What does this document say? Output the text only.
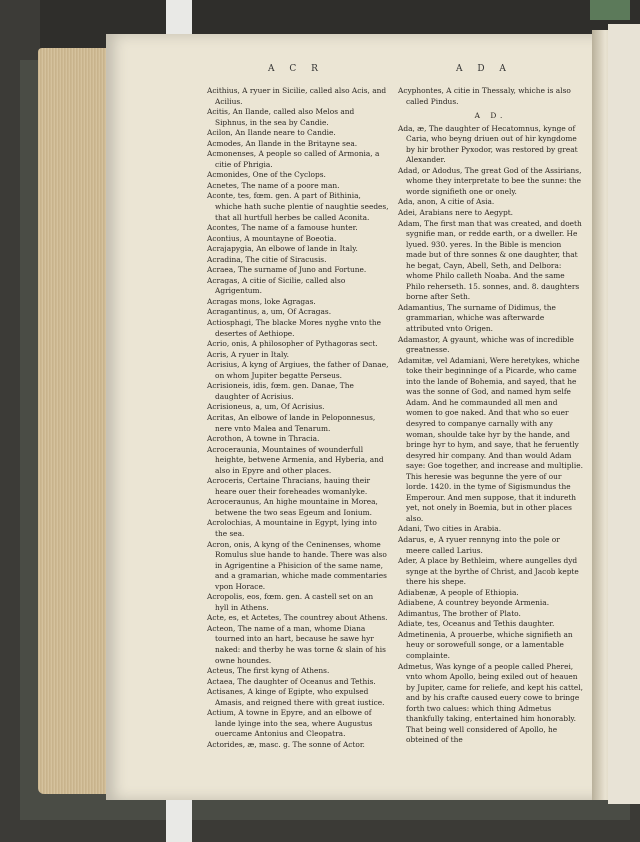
A C R	A D A
Acithius, A ryuer in Sicilie, called also Acis, and Acilius.
Acitis, An Ilande, called also Melos and Siphnus, in the sea by Candie.
Acilon, An Ilande neare to Candie.
Acmodes, An Ilande in the Britayne sea.
Acmonenses, A people so called of Armonia, a citie of Phrigia.
Acmonides, One of the Cyclops.
Acnetes, The name of a poore man.
Aconte, tes, fœm. gen. A part of Bithinia, whiche hath suche plentie of naughtie seedes, that all hurtfull herbes be called Aconita.
Acontes, The name of a famouse hunter.
Acontius, A mountayne of Boeotia.
Acrajapygia, An elbowe of lande in Italy.
Acradina, The citie of Siracusis.
Acraea, The surname of Juno and Fortune.
Acragas, A citie of Sicilie, called also Agrigentum.
Acragas mons, loke Agragas.
Acragantinus, a, um, Of Acragas.
Actiosphagi, The blacke Mores nyghe vnto the desertes of Aethiope.
Acrio, onis, A philosopher of Pythagoras sect.
Acris, A ryuer in Italy.
Acrisius, A kyng of Argiues, the father of Danae, on whom Jupiter begatte Perseus.
Acrisioneis, idis, fœm. gen. Danae, The daughter of Acrisius.
Acrisioneus, a, um, Of Acrisius.
Acritas, An elbowe of lande in Peloponnesus, nere vnto Malea and Tenarum.
Acrothon, A towne in Thracia.
Acroceraunia, Mountaines of wounderfull heighte, betwene Armenia, and Hyberia, and also in Epyre and other places.
Acroceris, Certaine Thracians, hauing their heare ouer their foreheades womanlyke.
Acroceraunus, An highe mountaine in Morea, betwene the two seas Egeum and Ionium.
Acrolochias, A mountaine in Egypt, lying into the sea.
Acron, onis, A kyng of the Ceninenses, whome Romulus slue hande to hande. There was also in Agrigentine a Phisicion of the same name, and a gramarian, whiche made commentaries vpon Horace.
Acropolis, eos, fœm. gen. A castell set on an hyll in Athens.
Acte, es, et Actetes, The countrey about Athens.
Acteon, The name of a man, whome Diana tourned into an hart, because he sawe hyr naked: and therby he was torne & slain of his owne houndes.
Acteus, The first kyng of Athens.
Actaea, The daughter of Oceanus and Tethis.
Actisanes, A kinge of Egipte, who expulsed Amasis, and reigned there with great iustice.
Actium, A towne in Epyre, and an elbowe of lande lyinge into the sea, where Augustus ouercame Antonius and Cleopatra.
Actorides, æ, masc. g. The sonne of Actor.
Acyphontes, A citie in Thessaly, whiche is also called Pindus.
A D.
Ada, æ, The daughter of Hecatomnus, kynge of Caria, who beyng driuen out of hir kyngdome by hir brother Pyxodor, was restored by great Alexander.
Adad, or Adodus, The great God of the Assirians, whome they interpretate to bee the sunne: the worde signifieth one or onely.
Ada, anon, A citie of Asia.
Adei, Arabians nere to Aegypt.
Adam, The first man that was created, and doeth sygnifie man, or redde earth, or a dweller. He lyued. 930. yeres. In the Bible is mencion made but of thre sonnes & one daughter, that he begat, Cayn, Abell, Seth, and Delbora: whome Philo calleth Noaba. And the same Philo reherseth. 15. sonnes, and. 8. daughters borne after Seth.
Adamantius, The surname of Didimus, the grammarian, whiche was afterwarde attributed vnto Origen.
Adamastor, A gyaunt, whiche was of incredible greatnesse.
Adamitæ, vel Adamiani, Were heretykes, whiche toke their beginninge of a Picarde, who came into the lande of Bohemia, and sayed, that he was the sonne of God, and named hym selfe Adam. And he commaunded all men and women to goe naked. And that who so euer desyred to companye carnally with any woman, shoulde take hyr by the hande, and bringe hyr to hym, and saye, that he feruently desyred hir company. And than would Adam saye: Goe together, and increase and multiplie. This heresie was begunne the yere of our lorde. 1420. in the tyme of Sigismundus the Emperour. And men suppose, that it indureth yet, not onely in Boemia, but in other places also.
Adani, Two cities in Arabia.
Adarus, e, A ryuer rennyng into the pole or meere called Larius.
Ader, A place by Bethleim, where aungelles dyd synge at the byrthe of Christ, and Jacob kepte there his shepe.
Adiabenæ, A people of Ethiopia.
Adiabene, A countrey beyonde Armenia.
Adimantus, The brother of Plato.
Adiate, tes, Oceanus and Tethis daughter.
Admetinenia, A prouerbe, whiche signifieth an heuy or sorowefull songe, or a lamentable complainte.
Admetus, Was kynge of a people called Pherei, vnto whom Apollo, being exiled out of heauen by Jupiter, came for reliefe, and kept his cattel, and by his crafte caused euery cowe to bringe forth two calues: which thing Admetus thankfully taking, entertained him honorably. That being well considered of Apollo, he obteined of the
